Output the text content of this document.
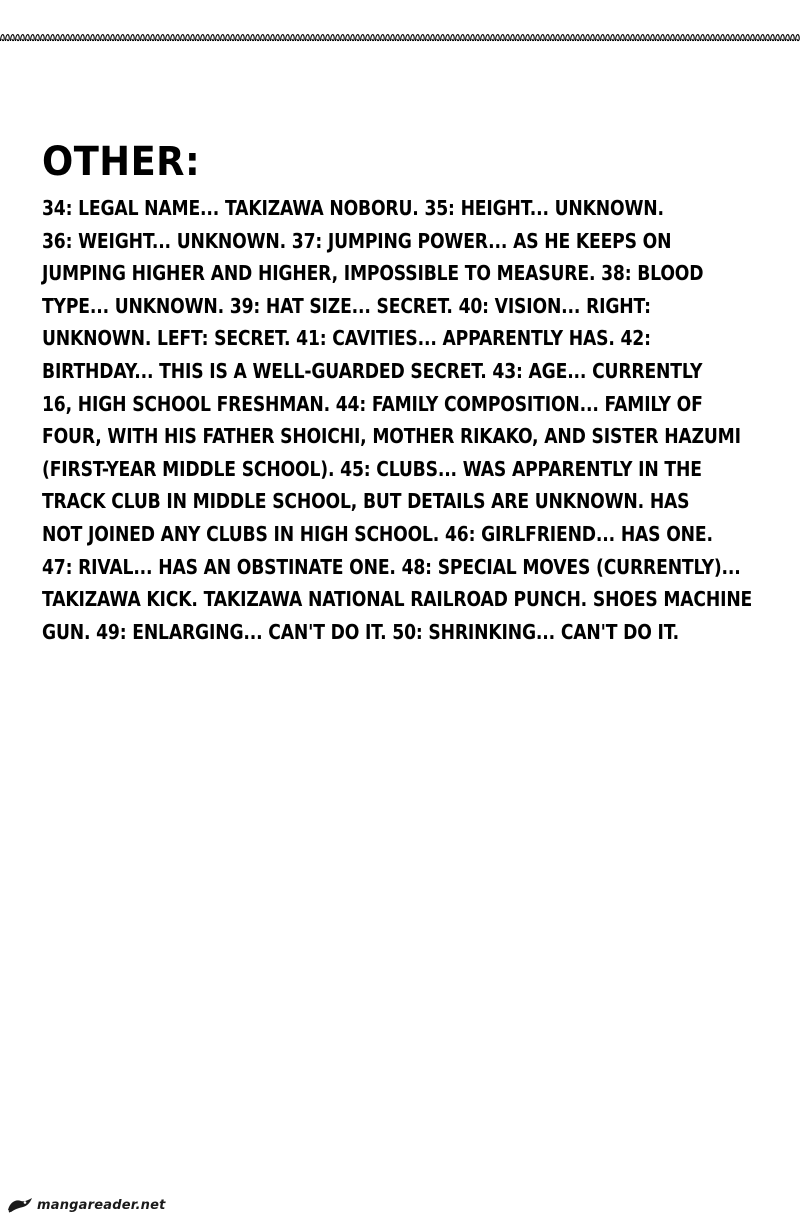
OTHER:
34: LEGAL NAME... TAKIZAWA NOBORU. 35: HEIGHT... UNKNOWN.
36: WEIGHT... UNKNOWN. 37: JUMPING POWER... AS HE KEEPS ON
JUMPING HIGHER AND HIGHER, IMPOSSIBLE TO MEASURE. 38: BLOOD
TYPE... UNKNOWN. 39: HAT SIZE... SECRET. 40: VISION... RIGHT:
UNKNOWN. LEFT: SECRET. 41: CAVITIES... APPARENTLY HAS. 42:
BIRTHDAY... THIS IS A WELL-GUARDED SECRET. 43: AGE... CURRENTLY
16, HIGH SCHOOL FRESHMAN. 44: FAMILY COMPOSITION... FAMILY OF
FOUR, WITH HIS FATHER SHOICHI, MOTHER RIKAKO, AND SISTER HAZUMI
(FIRST-YEAR MIDDLE SCHOOL). 45: CLUBS... WAS APPARENTLY IN THE
TRACK CLUB IN MIDDLE SCHOOL, BUT DETAILS ARE UNKNOWN. HAS
NOT JOINED ANY CLUBS IN HIGH SCHOOL. 46: GIRLFRIEND... HAS ONE.
47: RIVAL... HAS AN OBSTINATE ONE. 48: SPECIAL MOVES (CURRENTLY)...
TAKIZAWA KICK. TAKIZAWA NATIONAL RAILROAD PUNCH. SHOES MACHINE
GUN. 49: ENLARGING... CAN'T DO IT. 50: SHRINKING... CAN'T DO IT.
mangareader.net
